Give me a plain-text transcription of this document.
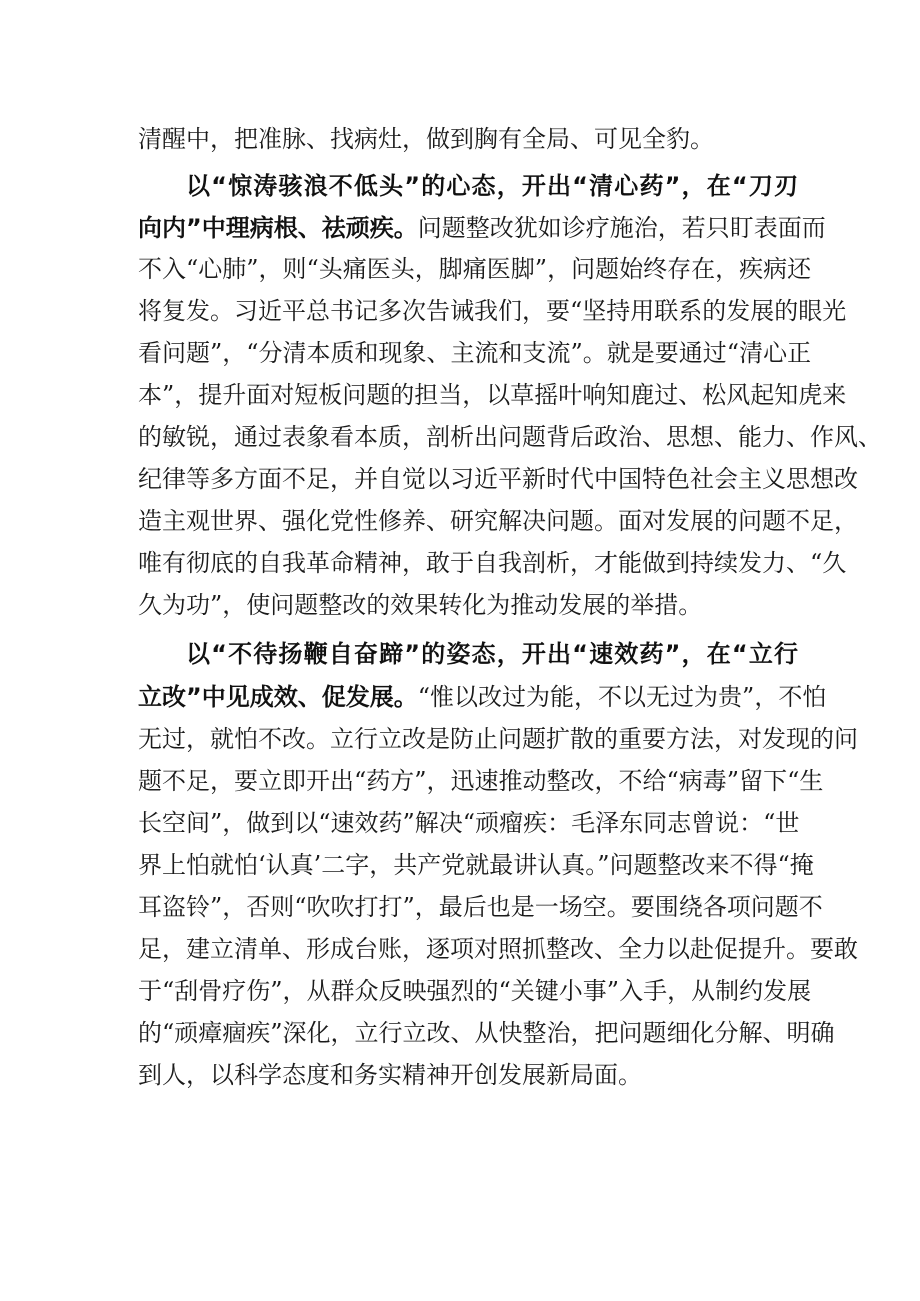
清醒中，把准脉、找病灶，做到胸有全局、可见全豹。
以“惊涛骇浪不低头”的心态，开出“清心药”，在“刀刃
向内”中理病根、祛顽疾。问题整改犹如诊疗施治，若只盯表面而
不入“心肺”，则“头痛医头，脚痛医脚”，问题始终存在，疾病还
将复发。习近平总书记多次告诫我们，要“坚持用联系的发展的眼光
看问题”，“分清本质和现象、主流和支流”。就是要通过“清心正
本”，提升面对短板问题的担当，以草摇叶响知鹿过、松风起知虎来
的敏锐，通过表象看本质，剖析出问题背后政治、思想、能力、作风、
纪律等多方面不足，并自觉以习近平新时代中国特色社会主义思想改
造主观世界、强化党性修养、研究解决问题。面对发展的问题不足，
唯有彻底的自我革命精神，敢于自我剖析，才能做到持续发力、“久
久为功”，使问题整改的效果转化为推动发展的举措。
以“不待扬鞭自奋蹄”的姿态，开出“速效药”，在“立行
立改”中见成效、促发展。“惟以改过为能，不以无过为贵”，不怕
无过，就怕不改。立行立改是防止问题扩散的重要方法，对发现的问
题不足，要立即开出“药方”，迅速推动整改，不给“病毒”留下“生
长空间”，做到以“速效药”解决“顽瘤疾：毛泽东同志曾说：“世
界上怕就怕‘认真’二字，共产党就最讲认真。”问题整改来不得“掩
耳盗铃”，否则“吹吹打打”，最后也是一场空。要围绕各项问题不
足，建立清单、形成台账，逐项对照抓整改、全力以赴促提升。要敢
于“刮骨疗伤”，从群众反映强烈的“关键小事”入手，从制约发展
的“顽瘴痼疾”深化，立行立改、从快整治，把问题细化分解、明确
到人，以科学态度和务实精神开创发展新局面。
